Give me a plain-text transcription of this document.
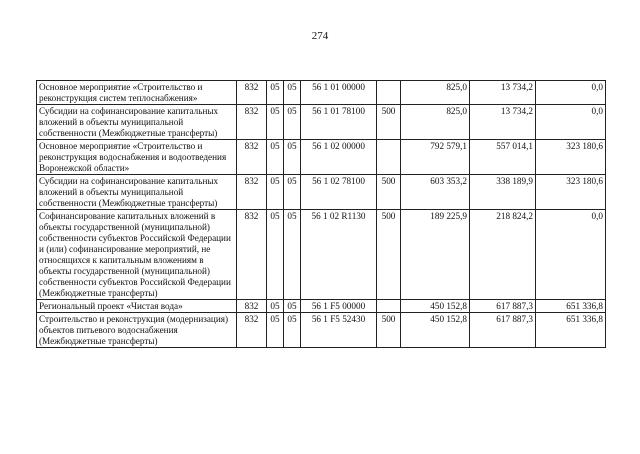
274
Основное мероприятие «Строительство и реконструкция систем теплоснабжения»	832	05	05	56 1 01 00000		825,0	13 734,2	0,0
Субсидии на софинансирование капитальных вложений в объекты муниципальной собственности (Межбюджетные трансферты)	832	05	05	56 1 01 78100	500	825,0	13 734,2	0,0
Основное мероприятие «Строительство и реконструкция водоснабжения и водоотведения Воронежской области»	832	05	05	56 1 02 00000		792 579,1	557 014,1	323 180,6
Субсидии на софинансирование капитальных вложений в объекты муниципальной собственности (Межбюджетные трансферты)	832	05	05	56 1 02 78100	500	603 353,2	338 189,9	323 180,6
Софинансирование капитальных вложений в объекты государственной (муниципальной) собственности субъектов Российской Федерации и (или) софинансирование мероприятий, не относящихся к капитальным вложениям в объекты государственной (муниципальной) собственности субъектов Российской Федерации (Межбюджетные трансферты)	832	05	05	56 1 02 R1130	500	189 225,9	218 824,2	0,0
Региональный проект «Чистая вода»	832	05	05	56 1 F5 00000		450 152,8	617 887,3	651 336,8
Строительство и реконструкция (модернизация) объектов питьевого водоснабжения (Межбюджетные трансферты)	832	05	05	56 1 F5 52430	500	450 152,8	617 887,3	651 336,8
